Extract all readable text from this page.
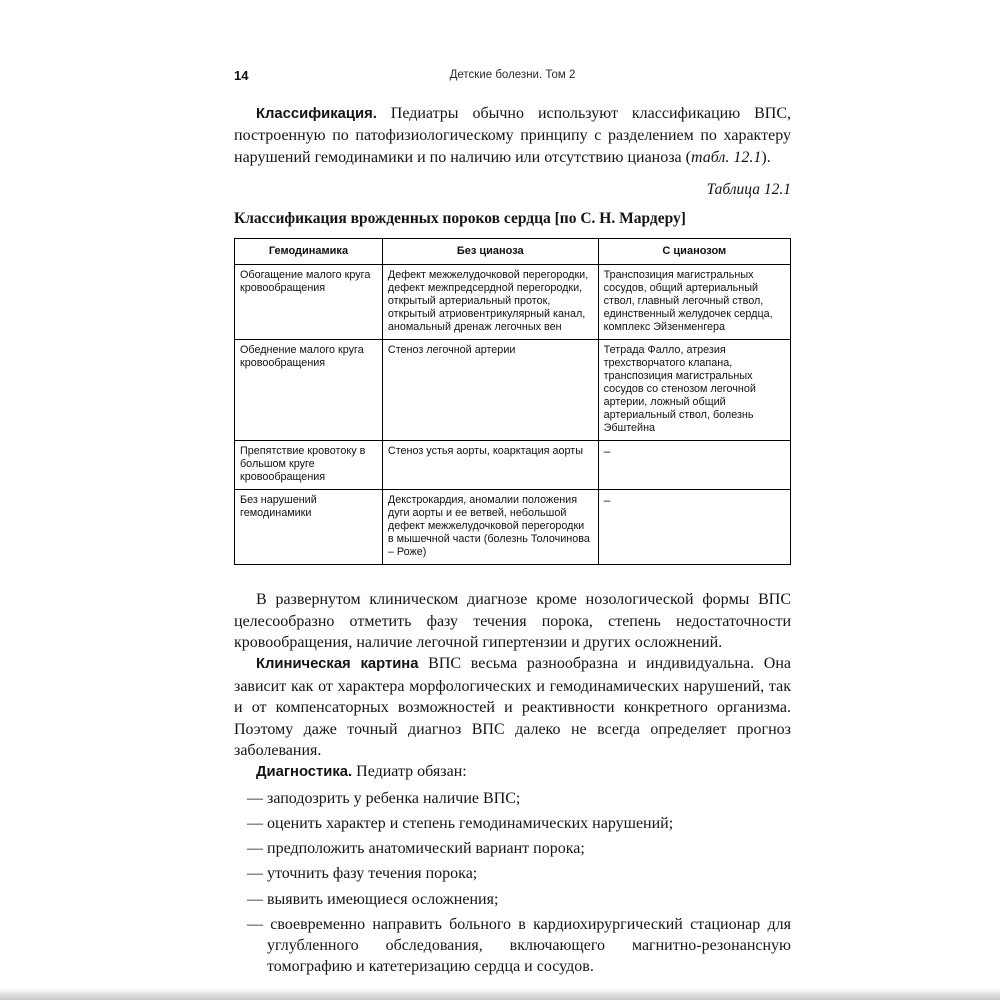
14	Детские болезни. Том 2

Классификация. Педиатры обычно используют классификацию ВПС, построенную по патофизиологическому принципу с разделением по характеру нарушений гемодинамики и по наличию или отсутствию цианоза (табл. 12.1).

Таблица 12.1
Классификация врожденных пороков сердца [по С. Н. Мардеру]
Гемодинамика	Без цианоза	С цианозом
Обогащение малого круга кровообращения	Дефект межжелудочковой перегородки, дефект межпредсердной перегородки, открытый артериальный проток, открытый атриовентрикулярный канал, аномальный дренаж легочных вен	Транспозиция магистральных сосудов, общий артериальный ствол, главный легочный ствол, единственный желудочек сердца, комплекс Эйзенменгера
Обеднение малого круга кровообращения	Стеноз легочной артерии	Тетрада Фалло, атрезия трехстворчатого клапана, транспозиция магистральных сосудов со стенозом легочной артерии, ложный общий артериальный ствол, болезнь Эбштейна
Препятствие кровотоку в большом круге кровообращения	Стеноз устья аорты, коарктация аорты	–
Без нарушений гемодинамики	Декстрокардия, аномалии положения дуги аорты и ее ветвей, небольшой дефект межжелудочковой перегородки в мышечной части (болезнь Толочинова – Роже)	–

В развернутом клиническом диагнозе кроме нозологической формы ВПС целесообразно отметить фазу течения порока, степень недостаточности кровообращения, наличие легочной гипертензии и других осложнений.

Клиническая картина ВПС весьма разнообразна и индивидуальна. Она зависит как от характера морфологических и гемодинамических нарушений, так и от компенсаторных возможностей и реактивности конкретного организма. Поэтому даже точный диагноз ВПС далеко не всегда определяет прогноз заболевания.

Диагностика. Педиатр обязан:

— заподозрить у ребенка наличие ВПС;
— оценить характер и степень гемодинамических нарушений;
— предположить анатомический вариант порока;
— уточнить фазу течения порока;
— выявить имеющиеся осложнения;
— своевременно направить больного в кардиохирургический стационар для углубленного обследования, включающего магнитно-резонансную томографию и катетеризацию сердца и сосудов.
